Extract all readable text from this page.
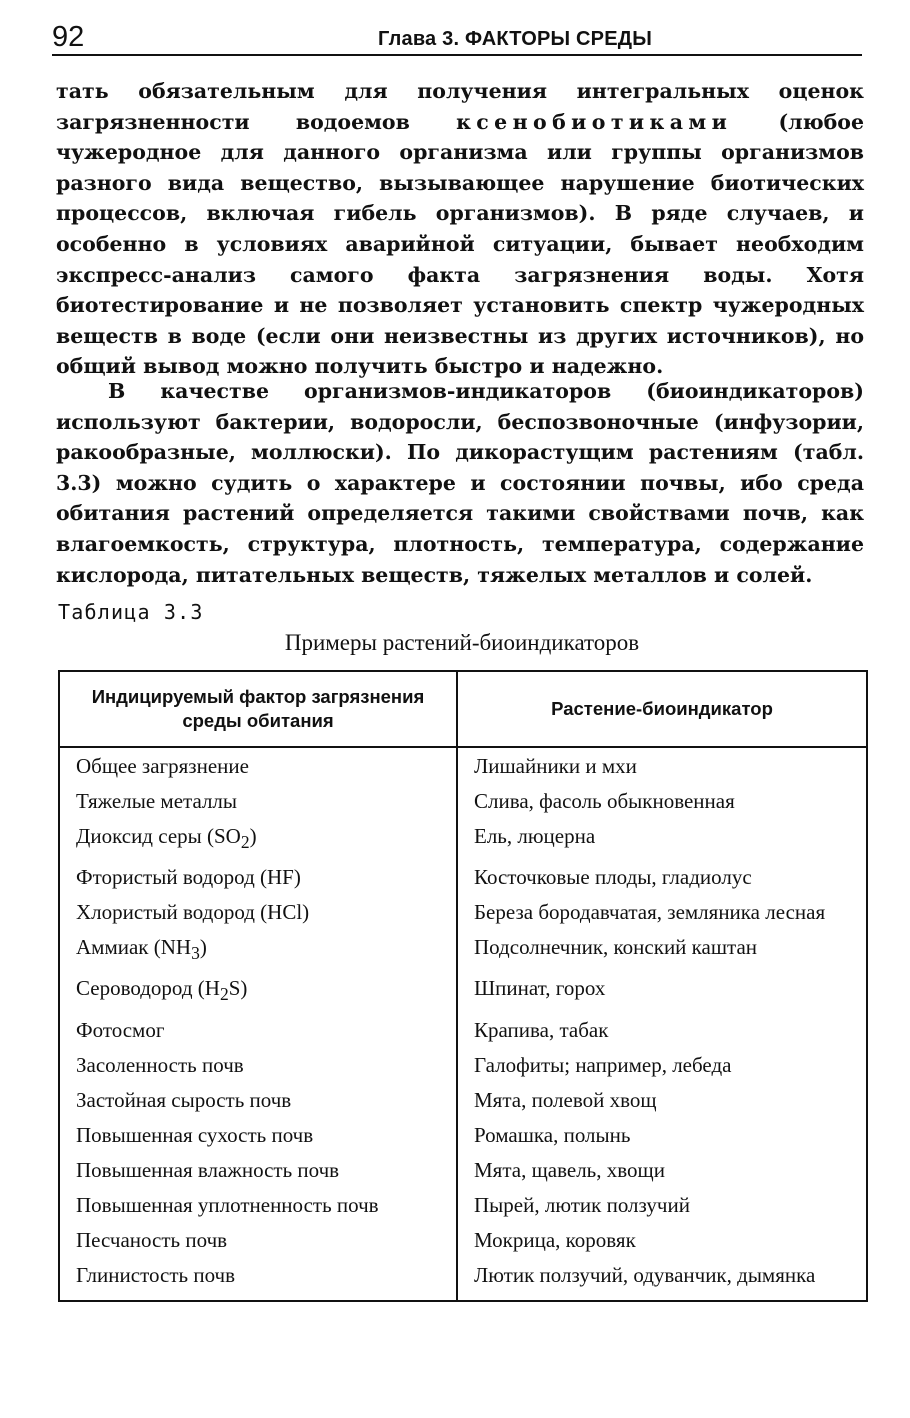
92	Глава 3. ФАКТОРЫ СРЕДЫ

тать обязательным для получения интегральных оценок загрязненности водоемов ксенобиотиками (любое чужеродное для данного организма или группы организмов разного вида вещество, вызывающее нарушение биотических процессов, включая гибель организмов). В ряде случаев, и особенно в условиях аварийной ситуации, бывает необходим экспресс-анализ самого факта загрязнения воды. Хотя биотестирование и не позволяет установить спектр чужеродных веществ в воде (если они неизвестны из других источников), но общий вывод можно получить быстро и надежно.

В качестве организмов-индикаторов (биоиндикаторов) используют бактерии, водоросли, беспозвоночные (инфузории, ракообразные, моллюски). По дикорастущим растениям (табл. 3.3) можно судить о характере и состоянии почвы, ибо среда обитания растений определяется такими свойствами почв, как влагоемкость, структура, плотность, температура, содержание кислорода, питательных веществ, тяжелых металлов и солей.

Таблица 3.3
Примеры растений-биоиндикаторов
Индицируемый фактор загрязнения среды обитания	Растение-биоиндикатор
Общее загрязнение	Лишайники и мхи
Тяжелые металлы	Слива, фасоль обыкновенная
Диоксид серы $(SO_2)$	Ель, люцерна
Фтористый водород (HF)	Косточковые плоды, гладиолус
Хлористый водород (HCl)	Береза бородавчатая, земляника лесная
Аммиак $(NH_3)$	Подсолнечник, конский каштан
Сероводород $(H_2S)$	Шпинат, горох
Фотосмог	Крапива, табак
Засоленность почв	Галофиты; например, лебеда
Застойная сырость почв	Мята, полевой хвощ
Повышенная сухость почв	Ромашка, полынь
Повышенная влажность почв	Мята, щавель, хвощи
Повышенная уплотненность почв	Пырей, лютик ползучий
Песчаность почв	Мокрица, коровяк
Глинистость почв	Лютик ползучий, одуванчик, дымянка
